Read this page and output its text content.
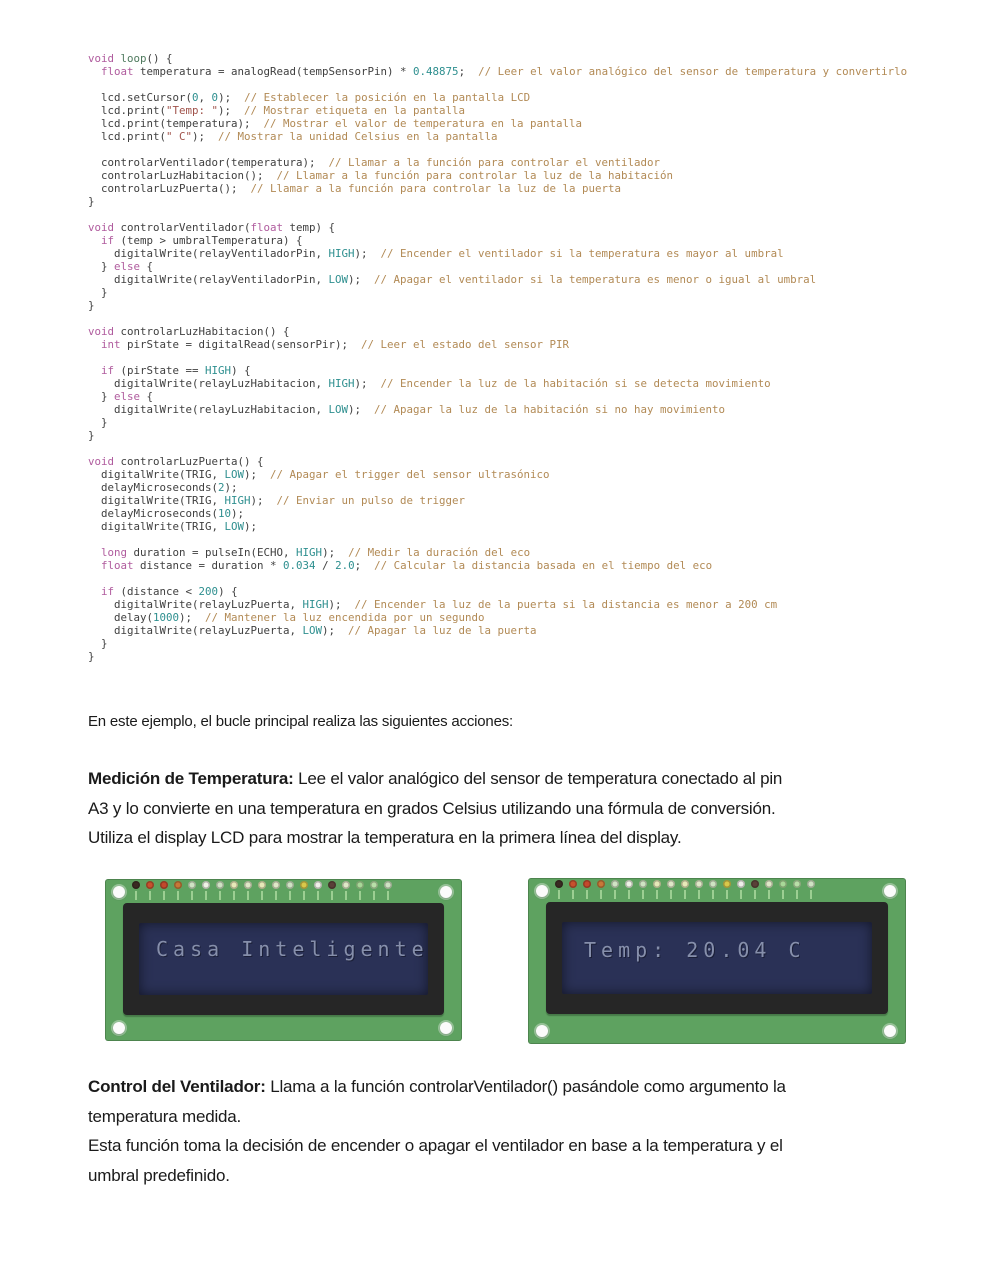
void loop() {
float temperatura = analogRead(tempSensorPin) * 0.48875;  // Leer el valor analógico del sensor de temperatura y convertirlo

lcd.setCursor(0, 0);  // Establecer la posición en la pantalla LCD
lcd.print("Temp: ");  // Mostrar etiqueta en la pantalla
lcd.print(temperatura);  // Mostrar el valor de temperatura en la pantalla
lcd.print(" C");  // Mostrar la unidad Celsius en la pantalla

controlarVentilador(temperatura);  // Llamar a la función para controlar el ventilador
controlarLuzHabitacion();  // Llamar a la función para controlar la luz de la habitación
controlarLuzPuerta();  // Llamar a la función para controlar la luz de la puerta
}

void controlarVentilador(float temp) {
if (temp > umbralTemperatura) {
digitalWrite(relayVentiladorPin, HIGH);  // Encender el ventilador si la temperatura es mayor al umbral
} else {
digitalWrite(relayVentiladorPin, LOW);  // Apagar el ventilador si la temperatura es menor o igual al umbral
}
}

void controlarLuzHabitacion() {
int pirState = digitalRead(sensorPir);  // Leer el estado del sensor PIR

if (pirState == HIGH) {
digitalWrite(relayLuzHabitacion, HIGH);  // Encender la luz de la habitación si se detecta movimiento
} else {
digitalWrite(relayLuzHabitacion, LOW);  // Apagar la luz de la habitación si no hay movimiento
}
}

void controlarLuzPuerta() {
digitalWrite(TRIG, LOW);  // Apagar el trigger del sensor ultrasónico
delayMicroseconds(2);
digitalWrite(TRIG, HIGH);  // Enviar un pulso de trigger
delayMicroseconds(10);
digitalWrite(TRIG, LOW);

long duration = pulseIn(ECHO, HIGH);  // Medir la duración del eco
float distance = duration * 0.034 / 2.0;  // Calcular la distancia basada en el tiempo del eco

if (distance < 200) {
digitalWrite(relayLuzPuerta, HIGH);  // Encender la luz de la puerta si la distancia es menor a 200 cm
delay(1000);  // Mantener la luz encendida por un segundo
digitalWrite(relayLuzPuerta, LOW);  // Apagar la luz de la puerta
}
}
En este ejemplo, el bucle principal realiza las siguientes acciones:
Medición de Temperatura: Lee el valor analógico del sensor de temperatura conectado al pin
A3 y lo convierte en una temperatura en grados Celsius utilizando una fórmula de conversión.
Utiliza el display LCD para mostrar la temperatura en la primera línea del display.
Casa Inteligente	Temp: 20.04 C
Control del Ventilador: Llama a la función controlarVentilador() pasándole como argumento la
temperatura medida.
Esta función toma la decisión de encender o apagar el ventilador en base a la temperatura y el
umbral predefinido.
